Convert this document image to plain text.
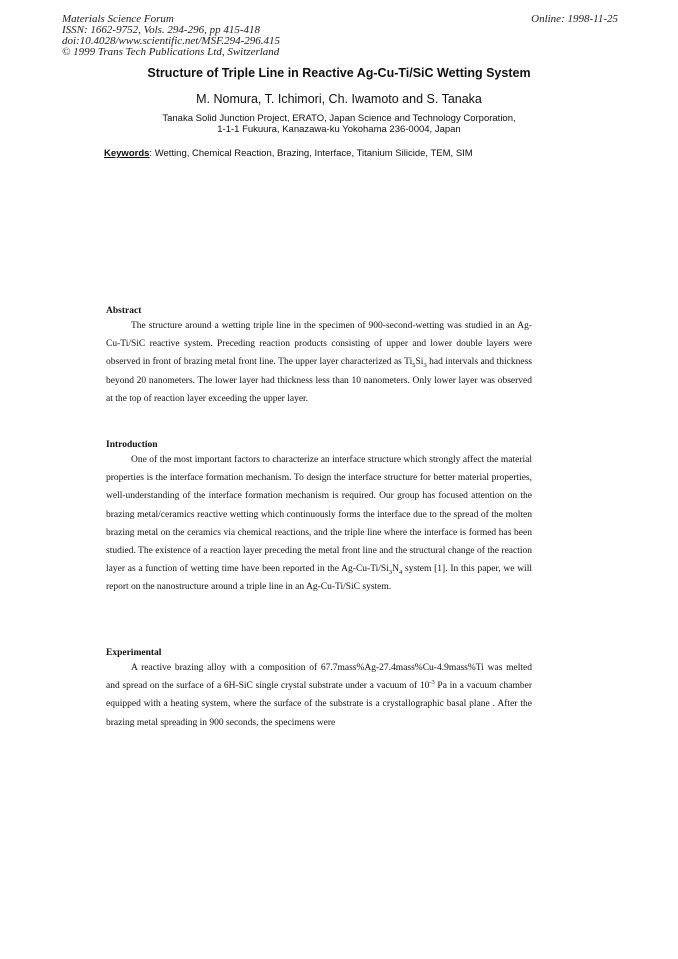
Materials Science Forum
ISSN: 1662-9752, Vols. 294-296, pp 415-418
doi:10.4028/www.scientific.net/MSF.294-296.415
© 1999 Trans Tech Publications Ltd, Switzerland
Online: 1998-11-25
Structure of Triple Line in Reactive Ag-Cu-Ti/SiC Wetting System
M. Nomura, T. Ichimori, Ch. Iwamoto and S. Tanaka
Tanaka Solid Junction Project, ERATO, Japan Science and Technology Corporation,
1-1-1 Fukuura, Kanazawa-ku Yokohama 236-0004, Japan
Keywords: Wetting, Chemical Reaction, Brazing, Interface, Titanium Silicide, TEM, SIM
Abstract

The structure around a wetting triple line in the specimen of 900-second-wetting was studied in an Ag-Cu-Ti/SiC reactive system. Preceding reaction products consisting of upper and lower double layers were observed in front of brazing metal front line. The upper layer characterized as $Ti_5Si_3$ had intervals and thickness beyond 20 nanometers. The lower layer had thickness less than 10 nanometers. Only lower layer was observed at the top of reaction layer exceeding the upper layer.

Introduction

One of the most important factors to characterize an interface structure which strongly affect the material properties is the interface formation mechanism. To design the interface structure for better material properties, well-understanding of the interface formation mechanism is required. Our group has focused attention on the brazing metal/ceramics reactive wetting which continuously forms the interface due to the spread of the molten brazing metal on the ceramics via chemical reactions, and the triple line where the interface is formed has been studied. The existence of a reaction layer preceding the metal front line and the structural change of the reaction layer as a function of wetting time have been reported in the $Ag-Cu-Ti/Si_3N_4$ system [1]. In this paper, we will report on the nanostructure around a triple line in an Ag-Cu-Ti/SiC system.

Experimental

A reactive brazing alloy with a composition of 67.7mass%Ag-27.4mass%Cu-4.9mass%Ti was melted and spread on the surface of a 6H-SiC single crystal substrate under a vacuum of $10^{-3}$ Pa in a vacuum chamber equipped with a heating system, where the surface of the substrate is a crystallographic basal plane . After the brazing metal spreading in 900 seconds, the specimens were
